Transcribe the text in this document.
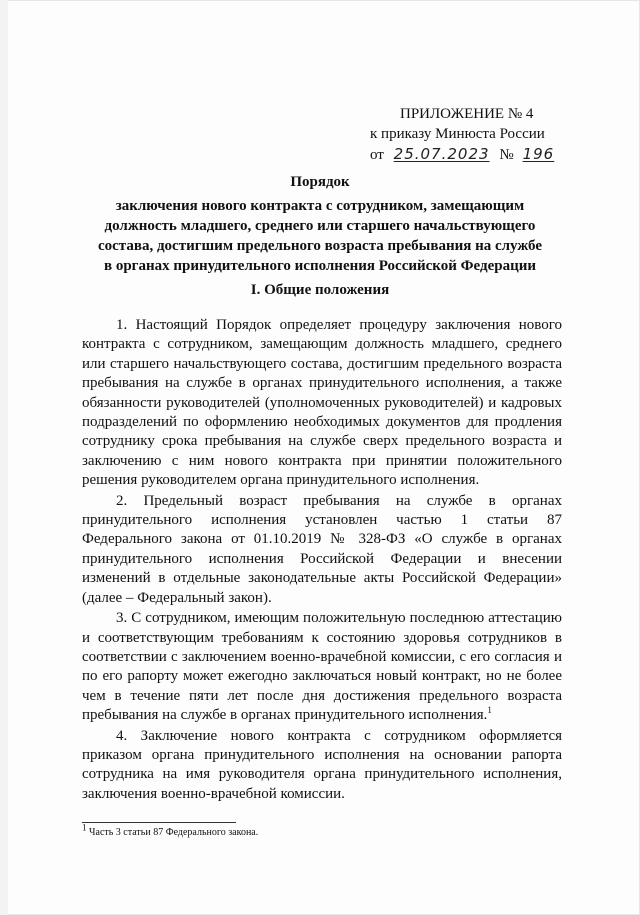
ПРИЛОЖЕНИЕ № 4
к приказу Минюста России
от 25.07.2023 № 196
Порядок
заключения нового контракта с сотрудником, замещающим
должность младшего, среднего или старшего начальствующего
состава, достигшим предельного возраста пребывания на службе
в органах принудительного исполнения Российской Федерации
I. Общие положения

1. Настоящий Порядок определяет процедуру заключения нового контракта с сотрудником, замещающим должность младшего, среднего или старшего начальствующего состава, достигшим предельного возраста пребывания на службе в органах принудительного исполнения, а также обязанности руководителей (уполномоченных руководителей) и кадровых подразделений по оформлению необходимых документов для продления сотруднику срока пребывания на службе сверх предельного возраста и заключению с ним нового контракта при принятии положительного решения руководителем органа принудительного исполнения.

2. Предельный возраст пребывания на службе в органах принудительного исполнения установлен частью 1 статьи 87 Федерального закона от 01.10.2019 № 328-ФЗ «О службе в органах принудительного исполнения Российской Федерации и внесении изменений в отдельные законодательные акты Российской Федерации» (далее – Федеральный закон).

3. С сотрудником, имеющим положительную последнюю аттестацию и соответствующим требованиям к состоянию здоровья сотрудников в соответствии с заключением военно-врачебной комиссии, с его согласия и по его рапорту может ежегодно заключаться новый контракт, но не более чем в течение пяти лет после дня достижения предельного возраста пребывания на службе в органах принудительного исполнения.$^1$

4. Заключение нового контракта с сотрудником оформляется приказом органа принудительного исполнения на основании рапорта сотрудника на имя руководителя органа принудительного исполнения, заключения военно-врачебной комиссии.

$^1$ Часть 3 статьи 87 Федерального закона.
